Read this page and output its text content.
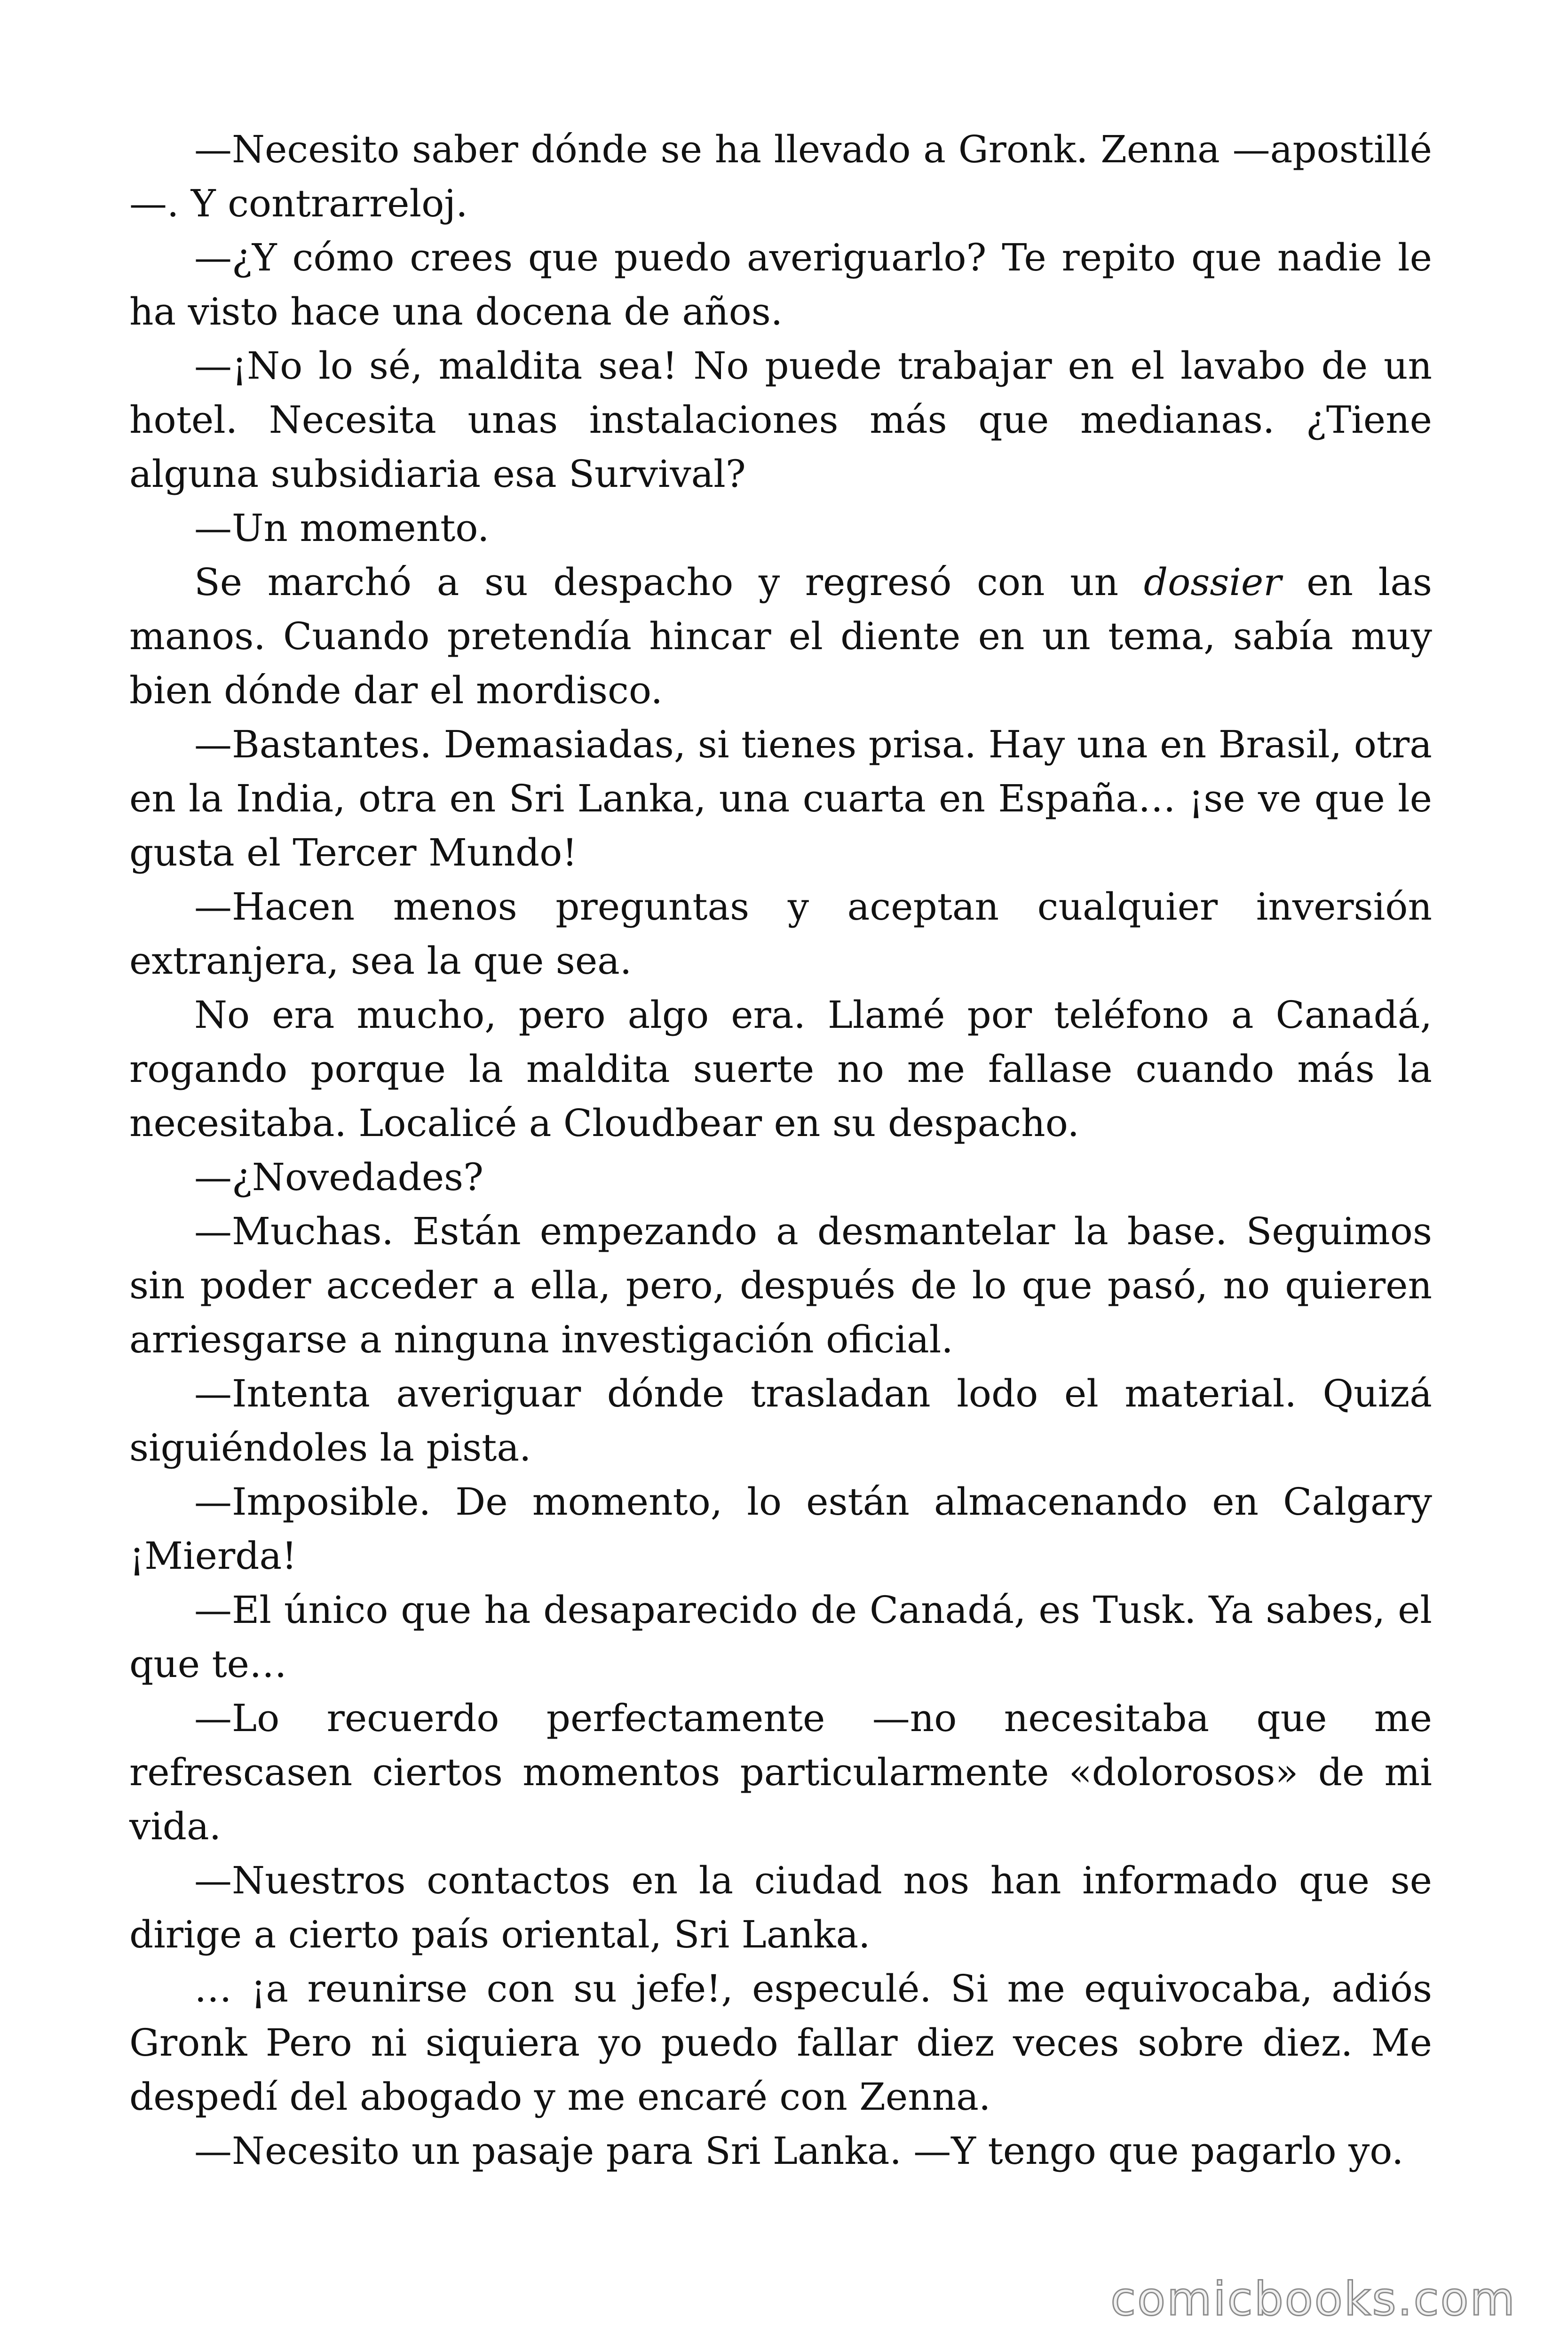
—Necesito saber dónde se ha llevado a Gronk. Zenna —apostillé —. Y contrarreloj.

—¿Y cómo crees que puedo averiguarlo? Te repito que nadie le ha visto hace una docena de años.

—¡No lo sé, maldita sea! No puede trabajar en el lavabo de un hotel. Necesita unas instalaciones más que medianas. ¿Tiene alguna subsidiaria esa Survival?

—Un momento.

Se marchó a su despacho y regresó con un dossier en las manos. Cuando pretendía hincar el diente en un tema, sabía muy bien dónde dar el mordisco.

—Bastantes. Demasiadas, si tienes prisa. Hay una en Brasil, otra en la India, otra en Sri Lanka, una cuarta en España… ¡se ve que le gusta el Tercer Mundo!

—Hacen menos preguntas y aceptan cualquier inversión extranjera, sea la que sea.

No era mucho, pero algo era. Llamé por teléfono a Canadá, rogando porque la maldita suerte no me fallase cuando más la necesitaba. Localicé a Cloudbear en su despacho.

—¿Novedades?

—Muchas. Están empezando a desmantelar la base. Seguimos sin poder acceder a ella, pero, después de lo que pasó, no quieren arriesgarse a ninguna investigación oficial.

—Intenta averiguar dónde trasladan lodo el material. Quizá siguiéndoles la pista.

—Imposible. De momento, lo están almacenando en Calgary ¡Mierda!

—El único que ha desaparecido de Canadá, es Tusk. Ya sabes, el que te…

—Lo recuerdo perfectamente —no necesitaba que me refrescasen ciertos momentos particularmente «dolorosos» de mi vida.

—Nuestros contactos en la ciudad nos han informado que se dirige a cierto país oriental, Sri Lanka.

… ¡a reunirse con su jefe!, especulé. Si me equivocaba, adiós Gronk Pero ni siquiera yo puedo fallar diez veces sobre diez. Me despedí del abogado y me encaré con Zenna.

—Necesito un pasaje para Sri Lanka. —Y tengo que pagarlo yo.

comicbooks.com
